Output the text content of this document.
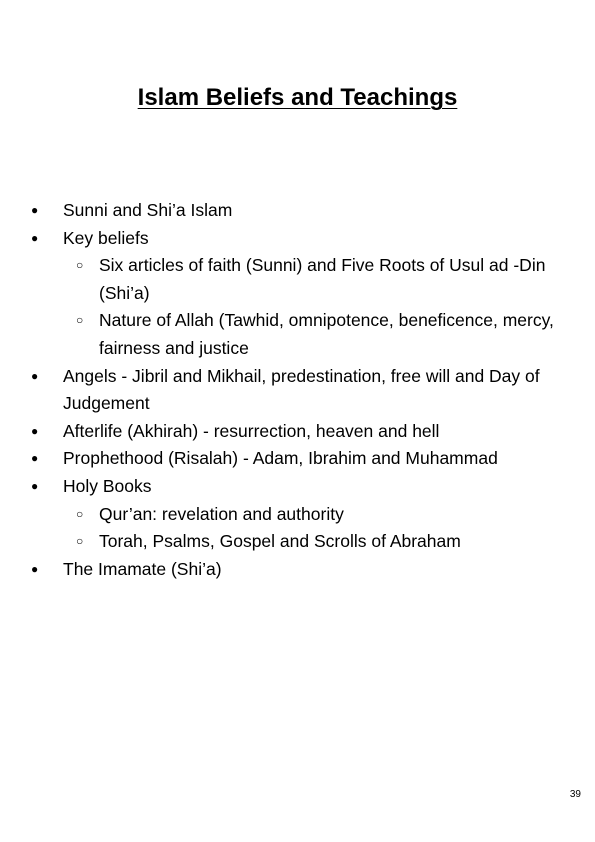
Islam Beliefs and Teachings
● Sunni and Shi’a Islam
● Key beliefs
○ Six articles of faith (Sunni) and Five Roots of Usul ad -Din (Shi’a)
○ Nature of Allah (Tawhid, omnipotence, beneficence, mercy, fairness and justice
● Angels - Jibril and Mikhail, predestination, free will and Day of Judgement
● Afterlife (Akhirah) - resurrection, heaven and hell
● Prophethood (Risalah) - Adam, Ibrahim and Muhammad
● Holy Books
○ Qur’an: revelation and authority
○ Torah, Psalms, Gospel and Scrolls of Abraham
● The Imamate (Shi’a)
39
